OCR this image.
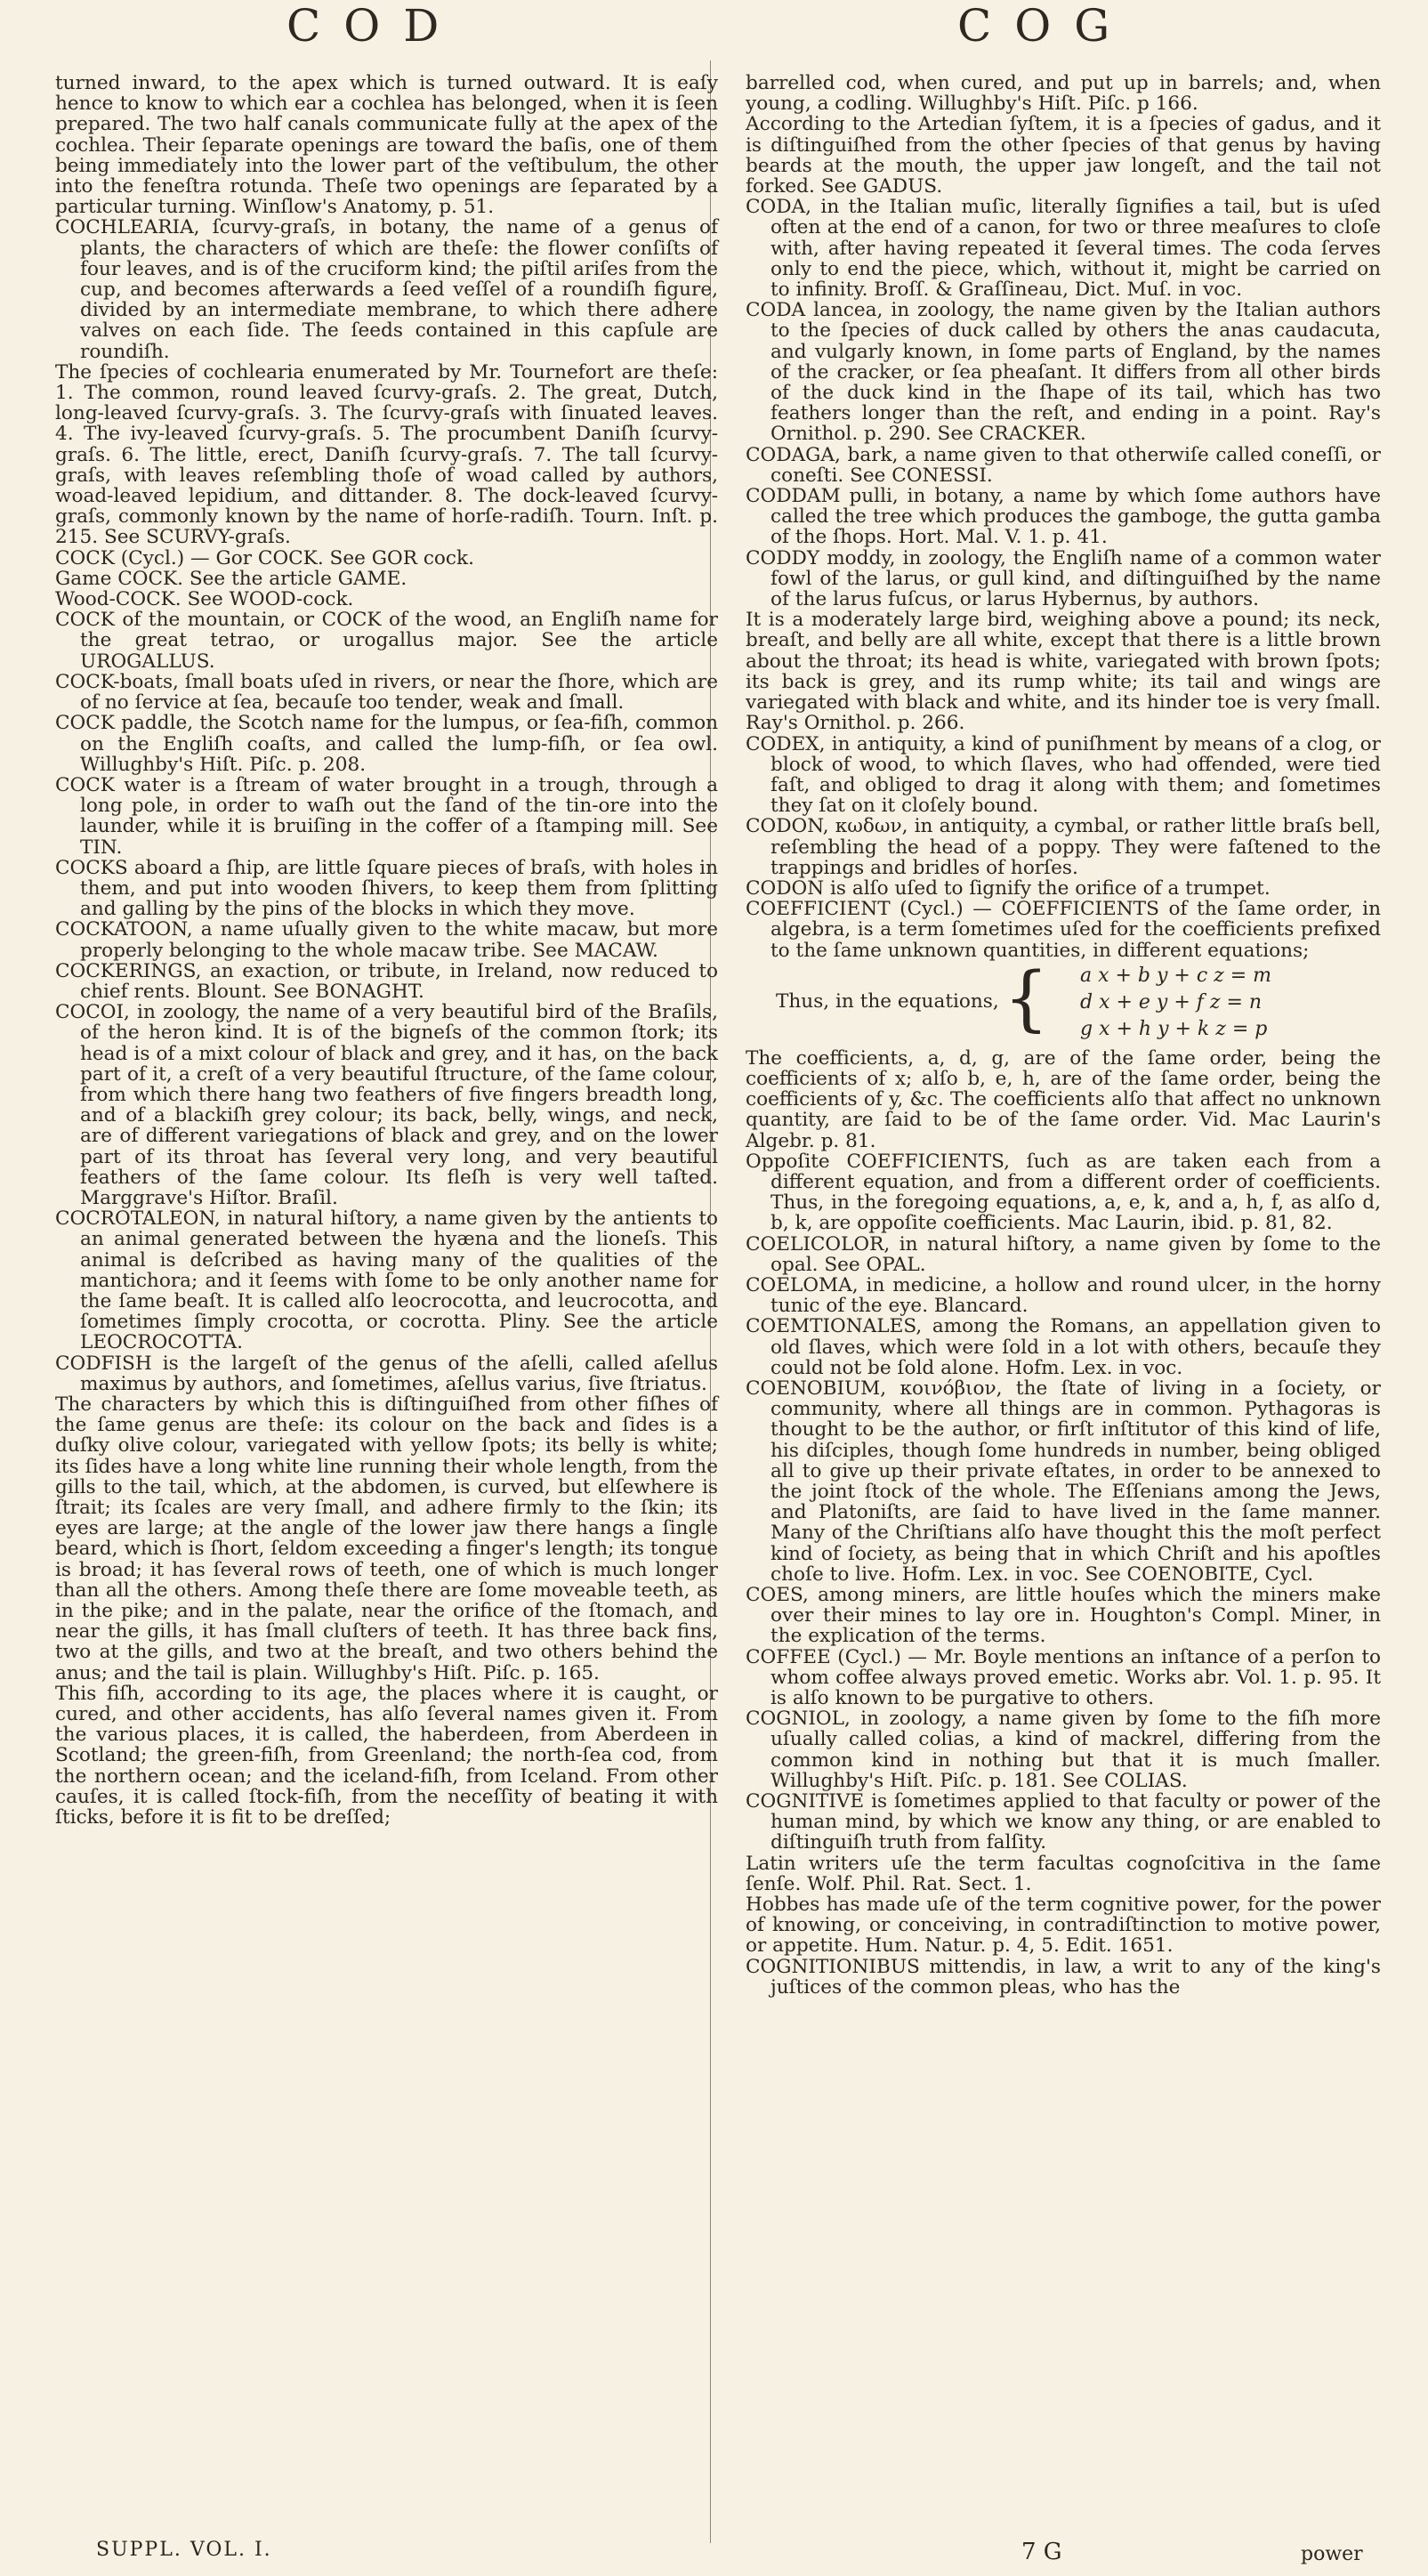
COD	COG

turned inward, to the apex which is turned outward. It is eaſy hence to know to which ear a cochlea has belonged, when it is ſeen prepared. The two half canals communicate fully at the apex of the cochlea. Their ſeparate openings are toward the baſis, one of them being immediately into the lower part of the veſtibulum, the other into the feneſtra rotunda. Theſe two openings are ſeparated by a particular turning. Winſlow's Anatomy, p. 51.

COCHLEARIA, ſcurvy-graſs, in botany, the name of a genus of plants, the characters of which are theſe: the flower conſiſts of four leaves, and is of the cruciform kind; the piſtil ariſes from the cup, and becomes afterwards a ſeed veſſel of a roundiſh figure, divided by an intermediate membrane, to which there adhere valves on each ſide. The ſeeds contained in this capſule are roundiſh.

The ſpecies of cochlearia enumerated by Mr. Tournefort are theſe: 1. The common, round leaved ſcurvy-graſs. 2. The great, Dutch, long-leaved ſcurvy-graſs. 3. The ſcurvy-graſs with ſinuated leaves. 4. The ivy-leaved ſcurvy-graſs. 5. The procumbent Daniſh ſcurvy-graſs. 6. The little, erect, Daniſh ſcurvy-graſs. 7. The tall ſcurvy-graſs, with leaves reſembling thoſe of woad called by authors, woad-leaved lepidium, and dittander. 8. The dock-leaved ſcurvy-graſs, commonly known by the name of horſe-radiſh. Tourn. Inſt. p. 215. See SCURVY-graſs.

COCK (Cycl.) — Gor COCK. See GOR cock.

Game COCK. See the article GAME.

Wood-COCK. See WOOD-cock.

COCK of the mountain, or COCK of the wood, an Engliſh name for the great tetrao, or urogallus major. See the article UROGALLUS.

COCK-boats, ſmall boats uſed in rivers, or near the ſhore, which are of no ſervice at ſea, becauſe too tender, weak and ſmall.

COCK paddle, the Scotch name for the lumpus, or ſea-fiſh, common on the Engliſh coaſts, and called the lump-fiſh, or ſea owl. Willughby's Hiſt. Piſc. p. 208.

COCK water is a ſtream of water brought in a trough, through a long pole, in order to waſh out the ſand of the tin-ore into the launder, while it is bruiſing in the coffer of a ſtamping mill. See TIN.

COCKS aboard a ſhip, are little ſquare pieces of braſs, with holes in them, and put into wooden ſhivers, to keep them from ſplitting and galling by the pins of the blocks in which they move.

COCKATOON, a name uſually given to the white macaw, but more properly belonging to the whole macaw tribe. See MACAW.

COCKERINGS, an exaction, or tribute, in Ireland, now reduced to chief rents. Blount. See BONAGHT.

COCOI, in zoology, the name of a very beautiful bird of the Braſils, of the heron kind. It is of the bigneſs of the common ſtork; its head is of a mixt colour of black and grey, and it has, on the back part of it, a creſt of a very beautiful ſtructure, of the ſame colour, from which there hang two feathers of five fingers breadth long, and of a blackiſh grey colour; its back, belly, wings, and neck, are of different variegations of black and grey, and on the lower part of its throat has ſeveral very long, and very beautiful feathers of the ſame colour. Its fleſh is very well taſted. Marggrave's Hiſtor. Braſil.

COCROTALEON, in natural hiſtory, a name given by the antients to an animal generated between the hyæna and the lioneſs. This animal is deſcribed as having many of the qualities of the mantichora; and it ſeems with ſome to be only another name for the ſame beaſt. It is called alſo leocrocotta, and leucrocotta, and ſometimes ſimply crocotta, or cocrotta. Pliny. See the article LEOCROCOTTA.

CODFISH is the largeſt of the genus of the aſelli, called aſellus maximus by authors, and ſometimes, aſellus varius, ſive ſtriatus.

The characters by which this is diſtinguiſhed from other fiſhes of the ſame genus are theſe: its colour on the back and ſides is a duſky olive colour, variegated with yellow ſpots; its belly is white; its ſides have a long white line running their whole length, from the gills to the tail, which, at the abdomen, is curved, but elſewhere is ſtrait; its ſcales are very ſmall, and adhere firmly to the ſkin; its eyes are large; at the angle of the lower jaw there hangs a ſingle beard, which is ſhort, ſeldom exceeding a finger's length; its tongue is broad; it has ſeveral rows of teeth, one of which is much longer than all the others. Among theſe there are ſome moveable teeth, as in the pike; and in the palate, near the orifice of the ſtomach, and near the gills, it has ſmall cluſters of teeth. It has three back fins, two at the gills, and two at the breaſt, and two others behind the anus; and the tail is plain. Willughby's Hiſt. Piſc. p. 165.

This fiſh, according to its age, the places where it is caught, or cured, and other accidents, has alſo ſeveral names given it. From the various places, it is called, the haberdeen, from Aberdeen in Scotland; the green-fiſh, from Greenland; the north-ſea cod, from the northern ocean; and the iceland-fiſh, from Iceland. From other cauſes, it is called ſtock-fiſh, from the neceſſity of beating it with ſticks, before it is fit to be dreſſed;

barrelled cod, when cured, and put up in barrels; and, when young, a codling. Willughby's Hiſt. Piſc. p 166.

According to the Artedian ſyſtem, it is a ſpecies of gadus, and it is diſtinguiſhed from the other ſpecies of that genus by having beards at the mouth, the upper jaw longeſt, and the tail not forked. See GADUS.

CODA, in the Italian muſic, literally ſignifies a tail, but is uſed often at the end of a canon, for two or three meaſures to cloſe with, after having repeated it ſeveral times. The coda ſerves only to end the piece, which, without it, might be carried on to infinity. Broſſ. & Graſſineau, Dict. Muſ. in voc.

CODA lancea, in zoology, the name given by the Italian authors to the ſpecies of duck called by others the anas caudacuta, and vulgarly known, in ſome parts of England, by the names of the cracker, or ſea pheaſant. It differs from all other birds of the duck kind in the ſhape of its tail, which has two feathers longer than the reſt, and ending in a point. Ray's Ornithol. p. 290. See CRACKER.

CODAGA, bark, a name given to that otherwiſe called coneſſi, or coneſti. See CONESSI.

CODDAM pulli, in botany, a name by which ſome authors have called the tree which produces the gamboge, the gutta gamba of the ſhops. Hort. Mal. V. 1. p. 41.

CODDY moddy, in zoology, the Engliſh name of a common water fowl of the larus, or gull kind, and diſtinguiſhed by the name of the larus fuſcus, or larus Hybernus, by authors.

It is a moderately large bird, weighing above a pound; its neck, breaſt, and belly are all white, except that there is a little brown about the throat; its head is white, variegated with brown ſpots; its back is grey, and its rump white; its tail and wings are variegated with black and white, and its hinder toe is very ſmall. Ray's Ornithol. p. 266.

CODEX, in antiquity, a kind of puniſhment by means of a clog, or block of wood, to which ſlaves, who had offended, were tied faſt, and obliged to drag it along with them; and ſometimes they ſat on it cloſely bound.

CODON, κωδων, in antiquity, a cymbal, or rather little braſs bell, reſembling the head of a poppy. They were faſtened to the trappings and bridles of horſes.

CODON is alſo uſed to ſignify the orifice of a trumpet.

COEFFICIENT (Cycl.) — COEFFICIENTS of the ſame order, in algebra, is a term ſometimes uſed for the coefficients prefixed to the ſame unknown quantities, in different equations;

Thus, in the equations, { a x + b y + c z = m
d x + e y + f z = n
g x + h y + k z = p

The coefficients, a, d, g, are of the ſame order, being the coefficients of x; alſo b, e, h, are of the ſame order, being the coefficients of y, &c. The coefficients alſo that affect no unknown quantity, are ſaid to be of the ſame order. Vid. Mac Laurin's Algebr. p. 81.

Oppoſite COEFFICIENTS, ſuch as are taken each from a different equation, and from a different order of coefficients. Thus, in the foregoing equations, a, e, k, and a, h, f, as alſo d, b, k, are oppoſite coefficients. Mac Laurin, ibid. p. 81, 82.

COELICOLOR, in natural hiſtory, a name given by ſome to the opal. See OPAL.

COELOMA, in medicine, a hollow and round ulcer, in the horny tunic of the eye. Blancard.

COEMTIONALES, among the Romans, an appellation given to old ſlaves, which were ſold in a lot with others, becauſe they could not be ſold alone. Hofm. Lex. in voc.

COENOBIUM, κοινόβιον, the ſtate of living in a ſociety, or community, where all things are in common. Pythagoras is thought to be the author, or firſt inſtitutor of this kind of life, his diſciples, though ſome hundreds in number, being obliged all to give up their private eſtates, in order to be annexed to the joint ſtock of the whole. The Eſſenians among the Jews, and Platoniſts, are ſaid to have lived in the ſame manner. Many of the Chriſtians alſo have thought this the moſt perfect kind of ſociety, as being that in which Chriſt and his apoſtles choſe to live. Hofm. Lex. in voc. See COENOBITE, Cycl.

COES, among miners, are little houſes which the miners make over their mines to lay ore in. Houghton's Compl. Miner, in the explication of the terms.

COFFEE (Cycl.) — Mr. Boyle mentions an inſtance of a perſon to whom coffee always proved emetic. Works abr. Vol. 1. p. 95. It is alſo known to be purgative to others.

COGNIOL, in zoology, a name given by ſome to the fiſh more uſually called colias, a kind of mackrel, differing from the common kind in nothing but that it is much ſmaller. Willughby's Hiſt. Piſc. p. 181. See COLIAS.

COGNITIVE is ſometimes applied to that faculty or power of the human mind, by which we know any thing, or are enabled to diſtinguiſh truth from falſity.

Latin writers uſe the term facultas cognoſcitiva in the ſame ſenſe. Wolf. Phil. Rat. Sect. 1.

Hobbes has made uſe of the term cognitive power, for the power of knowing, or conceiving, in contradiſtinction to motive power, or appetite. Hum. Natur. p. 4, 5. Edit. 1651.

COGNITIONIBUS mittendis, in law, a writ to any of the king's juſtices of the common pleas, who has the

SUPPL. VOL. I.	7 G	power
